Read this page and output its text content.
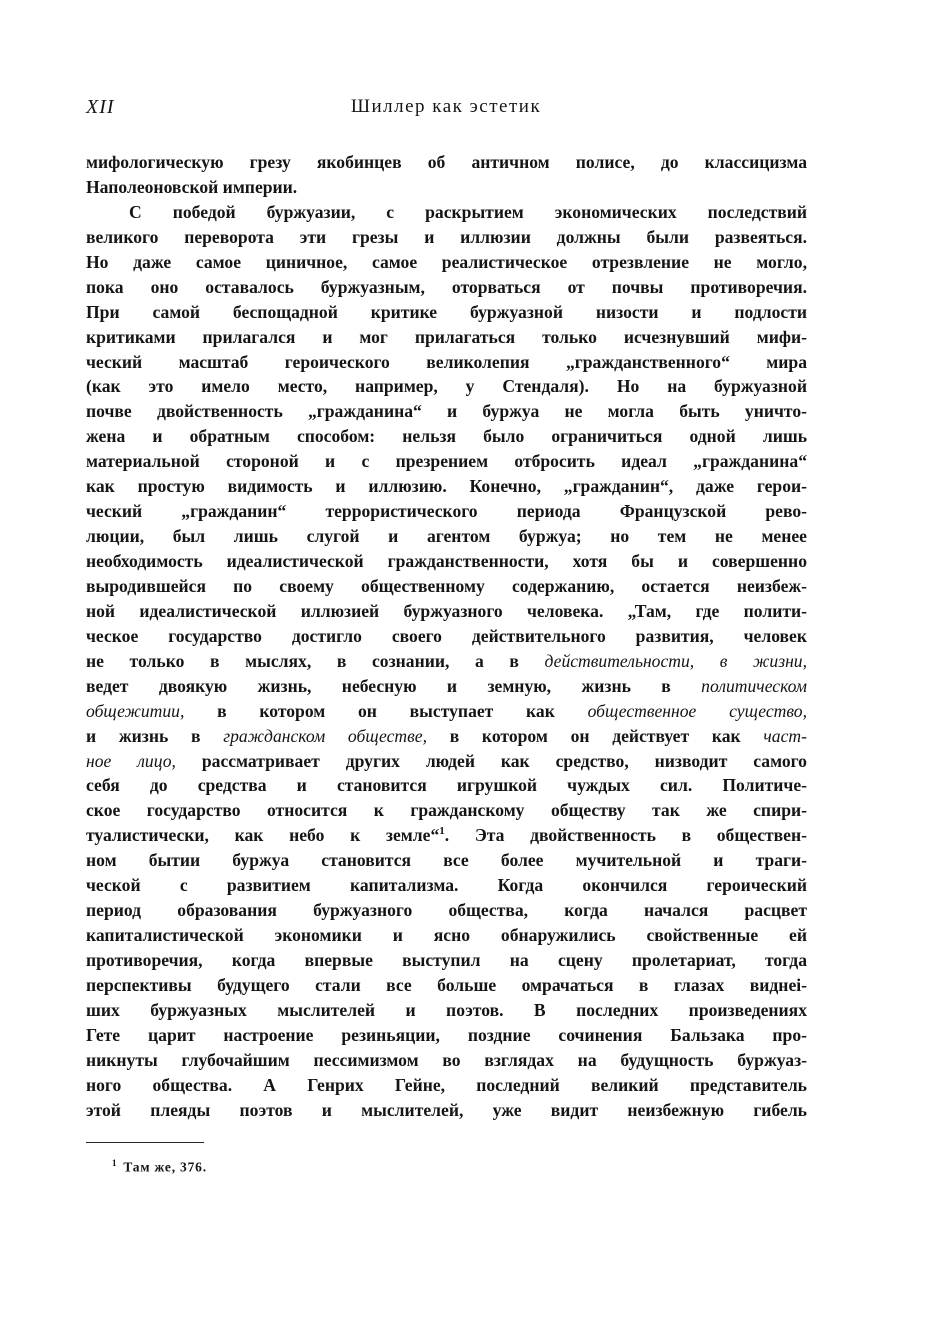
XII	Шиллер как эстетик
мифологическую грезу якобинцев об античном полисе, до классицизма
Наполеоновской империи.
С победой буржуазии, с раскрытием экономических последствий
великого переворота эти грезы и иллюзии должны были развеяться.
Но даже самое циничное, самое реалистическое отрезвление не могло,
пока оно оставалось буржуазным, оторваться от почвы противоречия.
При самой беспощадной критике буржуазной низости и подлости
критиками прилагался и мог прилагаться только исчезнувший мифи-
ческий масштаб героического великолепия „гражданственного“ мира
(как это имело место, например, у Стендаля). Но на буржуазной
почве двойственность „гражданина“ и буржуа не могла быть уничто-
жена и обратным способом: нельзя было ограничиться одной лишь
материальной стороной и с презрением отбросить идеал „гражданина“
как простую видимость и иллюзию. Конечно, „гражданин“, даже герои-
ческий „гражданин“ террористического периода Французской рево-
люции, был лишь слугой и агентом буржуа; но тем не менее
необходимость идеалистической гражданственности, хотя бы и совершенно
выродившейся по своему общественному содержанию, остается неизбеж-
ной идеалистической иллюзией буржуазного человека. „Там, где полити-
ческое государство достигло своего действительного развития, человек
не только в мыслях, в сознании, а в действительности, в жизни,
ведет двоякую жизнь, небесную и земную, жизнь в политическом
общежитии, в котором он выступает как общественное существо,
и жизнь в гражданском обществе, в котором он действует как част-
ное лицо, рассматривает других людей как средство, низводит самого
себя до средства и становится игрушкой чуждых сил. Политиче-
ское государство относится к гражданскому обществу так же спири-
туалистически, как небо к земле“$^1$. Эта двойственность в обществен-
ном бытии буржуа становится все более мучительной и траги-
ческой с развитием капитализма. Когда окончился героический
период образования буржуазного общества, когда начался расцвет
капиталистической экономики и ясно обнаружились свойственные ей
противоречия, когда впервые выступил на сцену пролетариат, тогда
перспективы будущего стали все больше омрачаться в глазах виднei-
ших буржуазных мыслителей и поэтов. В последних произведениях
Гете царит настроение резиньяции, поздние сочинения Бальзака про-
никнуты глубочайшим пессимизмом во взглядах на будущность буржуаз-
ного общества. А Генрих Гейне, последний великий представитель
этой плеяды поэтов и мыслителей, уже видит неизбежную гибель
$^1$ Там же, 376.
